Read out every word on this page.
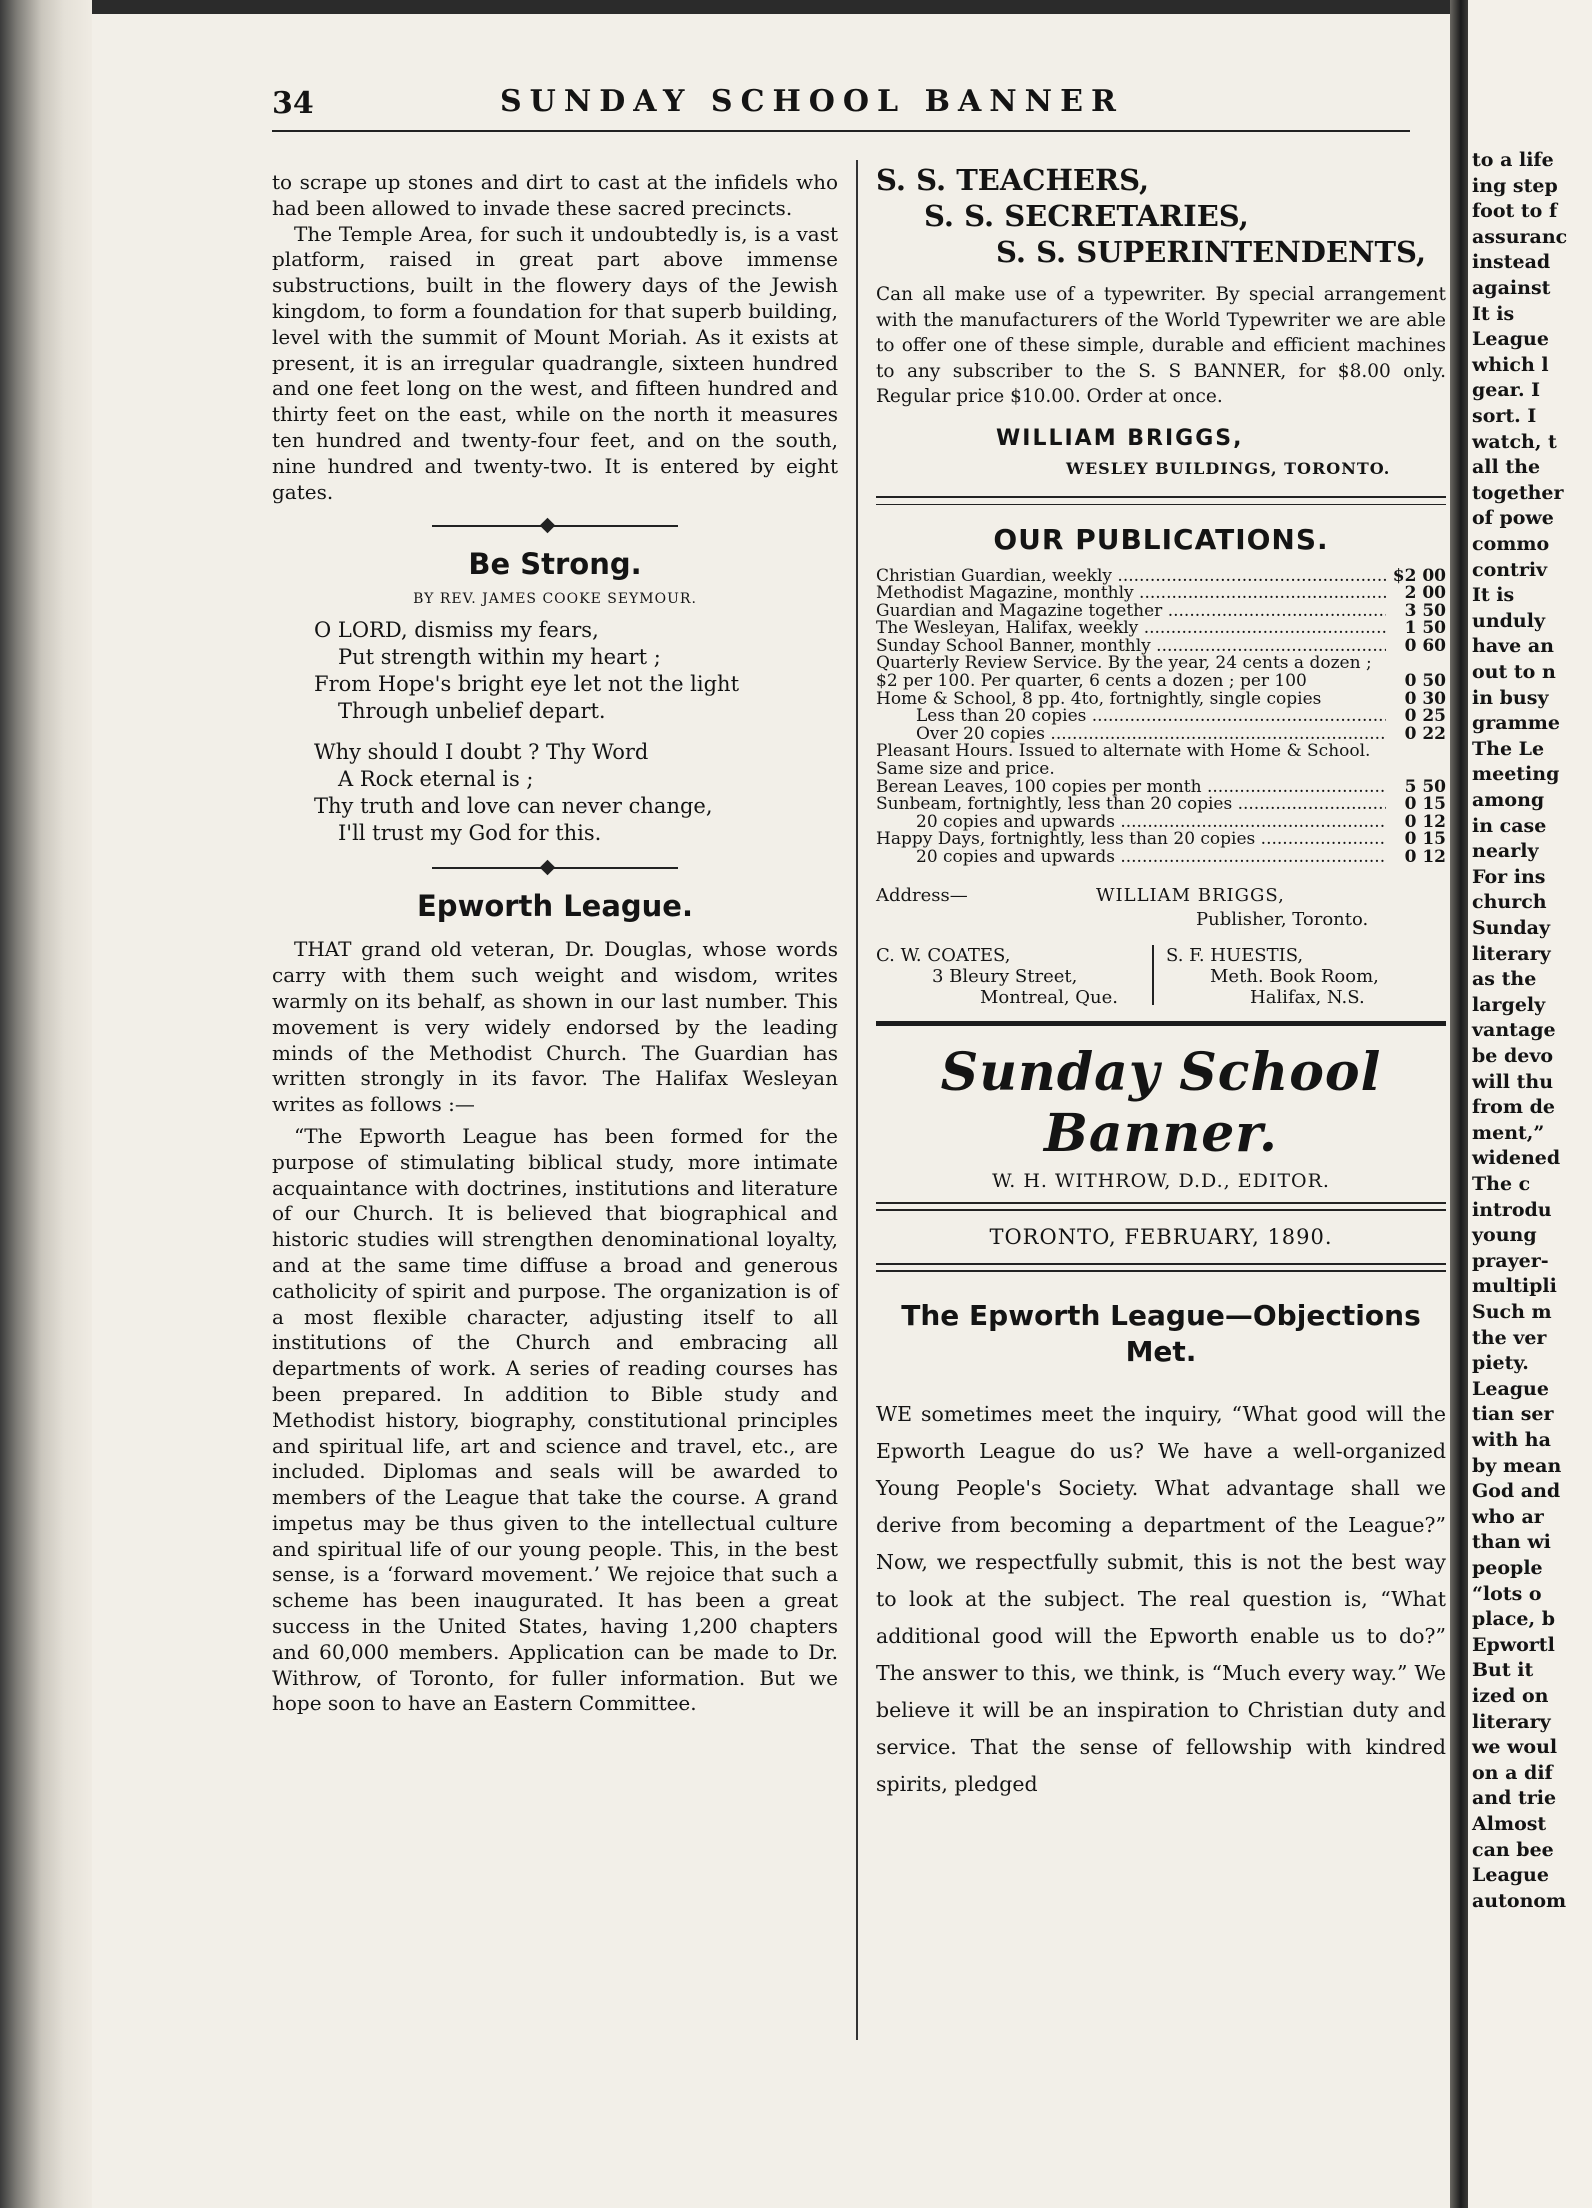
34	SUNDAY SCHOOL BANNER

to scrape up stones and dirt to cast at the infidels who had been allowed to invade these sacred precincts.

The Temple Area, for such it undoubtedly is, is a vast platform, raised in great part above immense substructions, built in the flowery days of the Jewish kingdom, to form a foundation for that superb building, level with the summit of Mount Moriah. As it exists at present, it is an irregular quadrangle, sixteen hundred and one feet long on the west, and fifteen hundred and thirty feet on the east, while on the north it measures ten hundred and twenty-four feet, and on the south, nine hundred and twenty-two. It is entered by eight gates.

Be Strong.
BY REV. JAMES COOKE SEYMOUR.
O LORD, dismiss my fears,
Put strength within my heart ;
From Hope's bright eye let not the light
Through unbelief depart.
Why should I doubt ? Thy Word
A Rock eternal is ;
Thy truth and love can never change,
I'll trust my God for this.
Epworth League.

THAT grand old veteran, Dr. Douglas, whose words carry with them such weight and wisdom, writes warmly on its behalf, as shown in our last number. This movement is very widely endorsed by the leading minds of the Methodist Church. The Guardian has written strongly in its favor. The Halifax Wesleyan writes as follows :—

“The Epworth League has been formed for the purpose of stimulating biblical study, more intimate acquaintance with doctrines, institutions and literature of our Church. It is believed that biographical and historic studies will strengthen denominational loyalty, and at the same time diffuse a broad and generous catholicity of spirit and purpose. The organization is of a most flexible character, adjusting itself to all institutions of the Church and embracing all departments of work. A series of reading courses has been prepared. In addition to Bible study and Methodist history, biography, constitutional principles and spiritual life, art and science and travel, etc., are included. Diplomas and seals will be awarded to members of the League that take the course. A grand impetus may be thus given to the intellectual culture and spiritual life of our young people. This, in the best sense, is a ‘forward movement.’ We rejoice that such a scheme has been inaugurated. It has been a great success in the United States, having 1,200 chapters and 60,000 members. Application can be made to Dr. Withrow, of Toronto, for fuller information. But we hope soon to have an Eastern Committee.

S. S. TEACHERS,
S. S. SECRETARIES,
S. S. SUPERINTENDENTS,

Can all make use of a typewriter. By special arrangement with the manufacturers of the World Typewriter we are able to offer one of these simple, durable and efficient machines to any subscriber to the S. S BANNER, for $8.00 only. Regular price $10.00. Order at once.

WILLIAM BRIGGS,
WESLEY BUILDINGS, TORONTO.
OUR PUBLICATIONS.
Christian Guardian, weekly .....	$2 00
Methodist Magazine, monthly .....	2 00
Guardian and Magazine together .....	3 50
The Wesleyan, Halifax, weekly .....	1 50
Sunday School Banner, monthly .....	0 60
Quarterly Review Service. By the year, 24 cents a dozen ; $2 per 100. Per quarter, 6 cents a dozen ; per 100	0 50
Home & School, 8 pp. 4to, fortnightly, single copies	0 30
Less than 20 copies .....	0 25
Over 20 copies .....	0 22
Pleasant Hours. Issued to alternate with Home & School. Same size and price.
Berean Leaves, 100 copies per month .....	5 50
Sunbeam, fortnightly, less than 20 copies .....	0 15
20 copies and upwards .....	0 12
Happy Days, fortnightly, less than 20 copies .....	0 15
20 copies and upwards .....	0 12
Address—	WILLIAM BRIGGS,
Publisher, Toronto.
C. W. COATES,
3 Bleury Street,
Montreal, Que.
S. F. HUESTIS,
Meth. Book Room,
Halifax, N.S.
Sunday School Banner.
W. H. WITHROW, D.D., EDITOR.
TORONTO, FEBRUARY, 1890.
The Epworth League—Objections Met.

WE sometimes meet the inquiry, “What good will the Epworth League do us? We have a well-organized Young People's Society. What advantage shall we derive from becoming a department of the League?” Now, we respectfully submit, this is not the best way to look at the subject. The real question is, “What additional good will the Epworth enable us to do?” The answer to this, we think, is “Much every way.” We believe it will be an inspiration to Christian duty and service. That the sense of fellowship with kindred spirits, pledged

to a life
ing step
foot to f
assuranc
instead
against
It is
League
which l
gear. I
sort. I
watch, t
all the
together
of powe
commo
contriv
It is
unduly
have an
out to n
in busy
gramme
The Le
meeting
among
in case
nearly
For ins
church
Sunday
literary
as the
largely
vantage
be devo
will thu
from de
ment,”
widened
The c
introdu
young
prayer-
multipli
Such m
the ver
piety.
League
tian ser
with ha
by mean
God and
who ar
than wi
people
“lots o
place, b
Epwortl
But it
ized on
literary
we woul
on a dif
and trie
Almost
can bee
League
autonom
